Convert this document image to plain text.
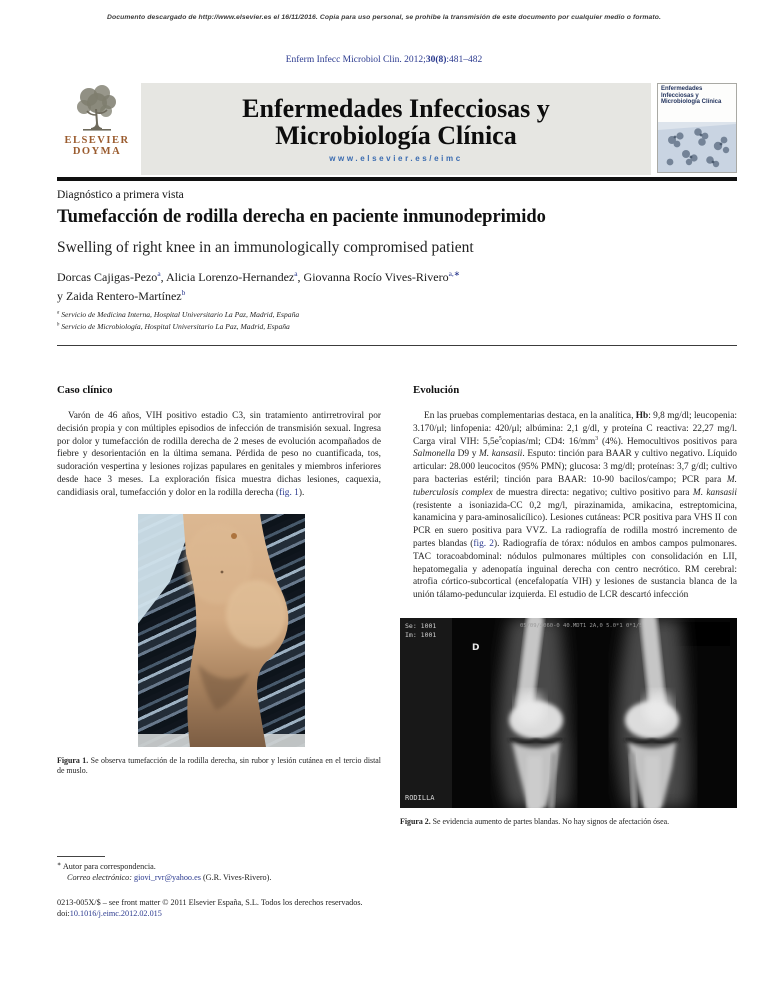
Documento descargado de http://www.elsevier.es el 16/11/2016. Copia para uso personal, se prohibe la transmisión de este documento por cualquier medio o formato.
Enferm Infecc Microbiol Clin. 2012;30(8):481–482
ELSEVIER
DOYMA
Enfermedades Infecciosas y
Microbiología Clínica
www.elsevier.es/eimc
Enfermedades Infecciosas y Microbiología Clínica
Diagnóstico a primera vista
Tumefacción de rodilla derecha en paciente inmunodeprimido
Swelling of right knee in an immunologically compromised patient
Dorcas Cajigas-Pezo$^a$, Alicia Lorenzo-Hernandez$^a$, Giovanna Rocío Vives-Rivero$^{a,∗}$
y Zaida Rentero-Martínez$^b$
$^a$ Servicio de Medicina Interna, Hospital Universitario La Paz, Madrid, España
$^b$ Servicio de Microbiología, Hospital Universitario La Paz, Madrid, España
Caso clínico

Varón de 46 años, VIH positivo estadio C3, sin tratamiento antirretroviral por decisión propia y con múltiples episodios de infección de transmisión sexual. Ingresa por dolor y tumefacción de rodilla derecha de 2 meses de evolución acompañados de fiebre y desorientación en la última semana. Pérdida de peso no cuantificada, tos, sudoración vespertina y lesiones rojizas papulares en genitales y miembros inferiores desde hace 3 meses. La exploración física muestra dichas lesiones, caquexia, candidiasis oral, tumefacción y dolor en la rodilla derecha (fig. 1).

Figura 1. Se observa tumefacción de la rodilla derecha, sin rubor y lesión cutánea en el tercio distal de muslo.
Evolución

En las pruebas complementarias destaca, en la analítica, Hb: 9,8 mg/dl; leucopenia: 3.170/μl; linfopenia: 420/μl; albúmina: 2,1 g/dl, y proteína C reactiva: 22,27 mg/l. Carga viral VIH: $5,5e^5copias/ml$; CD4: $16/mm^3$ (4%). Hemocultivos positivos para Salmonella D9 y M. kansasii. Esputo: tinción para BAAR y cultivo negativo. Líquido articular: 28.000 leucocitos (95% PMN); glucosa: 3 mg/dl; proteínas: 3,7 g/dl; cultivo para bacterias estéril; tinción para BAAR: 10-90 bacilos/campo; PCR para M. tuberculosis complex de muestra directa: negativo; cultivo positivo para M. kansasii (resistente a isoniazida-CC 0,2 mg/l, pirazinamida, amikacina, estreptomicina, kanamicina y para-aminosalicílico). Lesiones cutáneas: PCR positiva para VHS II con PCR en suero positiva para VVZ. La radiografía de rodilla mostró incremento de partes blandas (fig. 2). Radiografía de tórax: nódulos en ambos campos pulmonares. TAC toracoabdominal: nódulos pulmonares múltiples con consolidación en LII, hepatomegalia y adenopatía inguinal derecha con centro necrótico. RM cerebral: atrofia córtico-subcortical (encefalopatía VIH) y lesiones de sustancia blanca de la unión tálamo-peduncular izquierda. El estudio de LCR descartó infección

Se: 1001
Im: 1001
D
05/09/4060-0 40.MDT1 2A,0 5.0*1 0*1/5
RODILLA
Figura 2. Se evidencia aumento de partes blandas. No hay signos de afectación ósea.
∗ Autor para correspondencia.
Correo electrónico: giovi_rvr@yahoo.es (G.R. Vives-Rivero).
0213-005X/$ – see front matter © 2011 Elsevier España, S.L. Todos los derechos reservados.
doi:10.1016/j.eimc.2012.02.015
